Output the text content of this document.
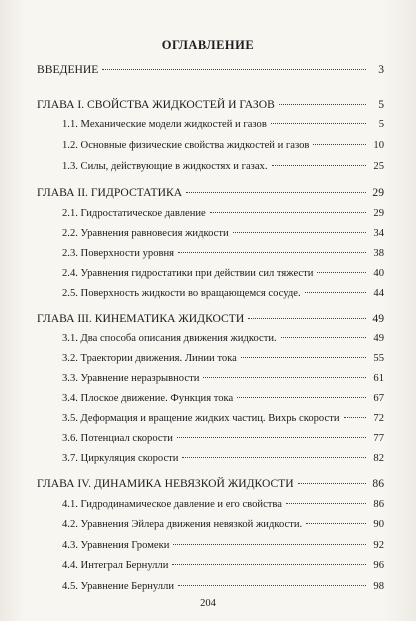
ОГЛАВЛЕНИЕ
ВВЕДЕНИЕ	3
ГЛАВА I. СВОЙСТВА ЖИДКОСТЕЙ И ГАЗОВ	5
1.1. Механические модели жидкостей и газов	5
1.2. Основные физические свойства жидкостей и газов	10
1.3. Силы, действующие в жидкостях и газах.	25
ГЛАВА II. ГИДРОСТАТИКА	29
2.1. Гидростатическое давление	29
2.2. Уравнения равновесия жидкости	34
2.3. Поверхности уровня	38
2.4. Уравнения гидростатики при действии сил тяжести	40
2.5. Поверхность жидкости во вращающемся сосуде.	44
ГЛАВА III. КИНЕМАТИКА ЖИДКОСТИ	49
3.1. Два способа описания движения жидкости.	49
3.2. Траектории движения. Линии тока	55
3.3. Уравнение неразрывности	61
3.4. Плоское движение. Функция тока	67
3.5. Деформация и вращение жидких частиц. Вихрь скорости	72
3.6. Потенциал скорости	77
3.7. Циркуляция скорости	82
ГЛАВА IV. ДИНАМИКА НЕВЯЗКОЙ ЖИДКОСТИ	86
4.1. Гидродинамическое давление и его свойства	86
4.2. Уравнения Эйлера движения невязкой жидкости.	90
4.3. Уравнения Громеки	92
4.4. Интеграл Бернулли	96
4.5. Уравнение Бернулли	98
204
